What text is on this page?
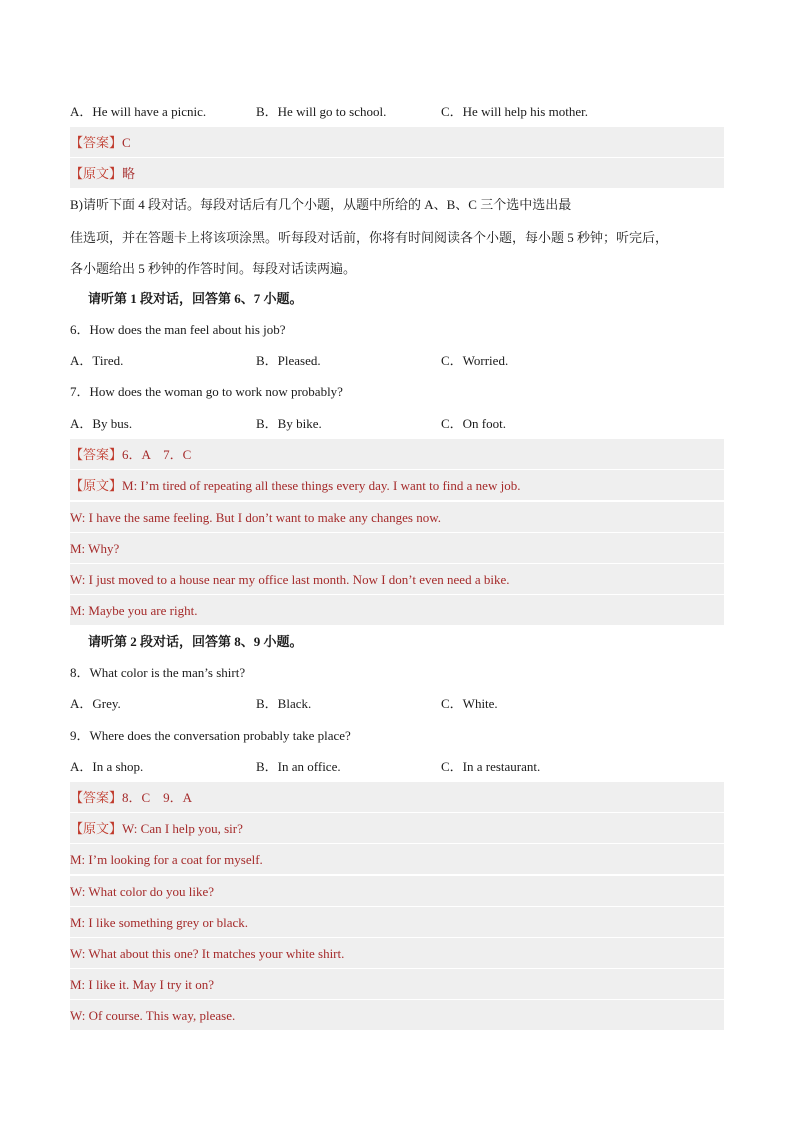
A．He will have a picnic.	B．He will go to school.	C．He will help his mother.
【答案】C
【原文】略
B)请听下面 4 段对话。每段对话后有几个小题，从题中所给的 A、B、C 三个选中选出最
佳选项，并在答题卡上将该项涂黑。听每段对话前，你将有时间阅读各个小题，每小题 5 秒钟；听完后，
各小题给出 5 秒钟的作答时间。每段对话读两遍。
请听第 1 段对话，回答第 6、7 小题。
6．How does the man feel about his job?
A．Tired.	B．Pleased.	C．Worried.
7．How does the woman go to work now probably?
A．By bus.	B．By bike.	C．On foot.
【答案】6．A　7．C
【原文】M: I’m tired of repeating all these things every day. I want to find a new job.
W: I have the same feeling. But I don’t want to make any changes now.
M: Why?
W: I just moved to a house near my office last month. Now I don’t even need a bike.
M: Maybe you are right.
请听第 2 段对话，回答第 8、9 小题。
8．What color is the man’s shirt?
A．Grey.	B．Black.	C．White.
9．Where does the conversation probably take place?
A．In a shop.	B．In an office.	C．In a restaurant.
【答案】8．C　9．A
【原文】W: Can I help you, sir?
M: I’m looking for a coat for myself.
W: What color do you like?
M: I like something grey or black.
W: What about this one? It matches your white shirt.
M: I like it. May I try it on?
W: Of course. This way, please.
